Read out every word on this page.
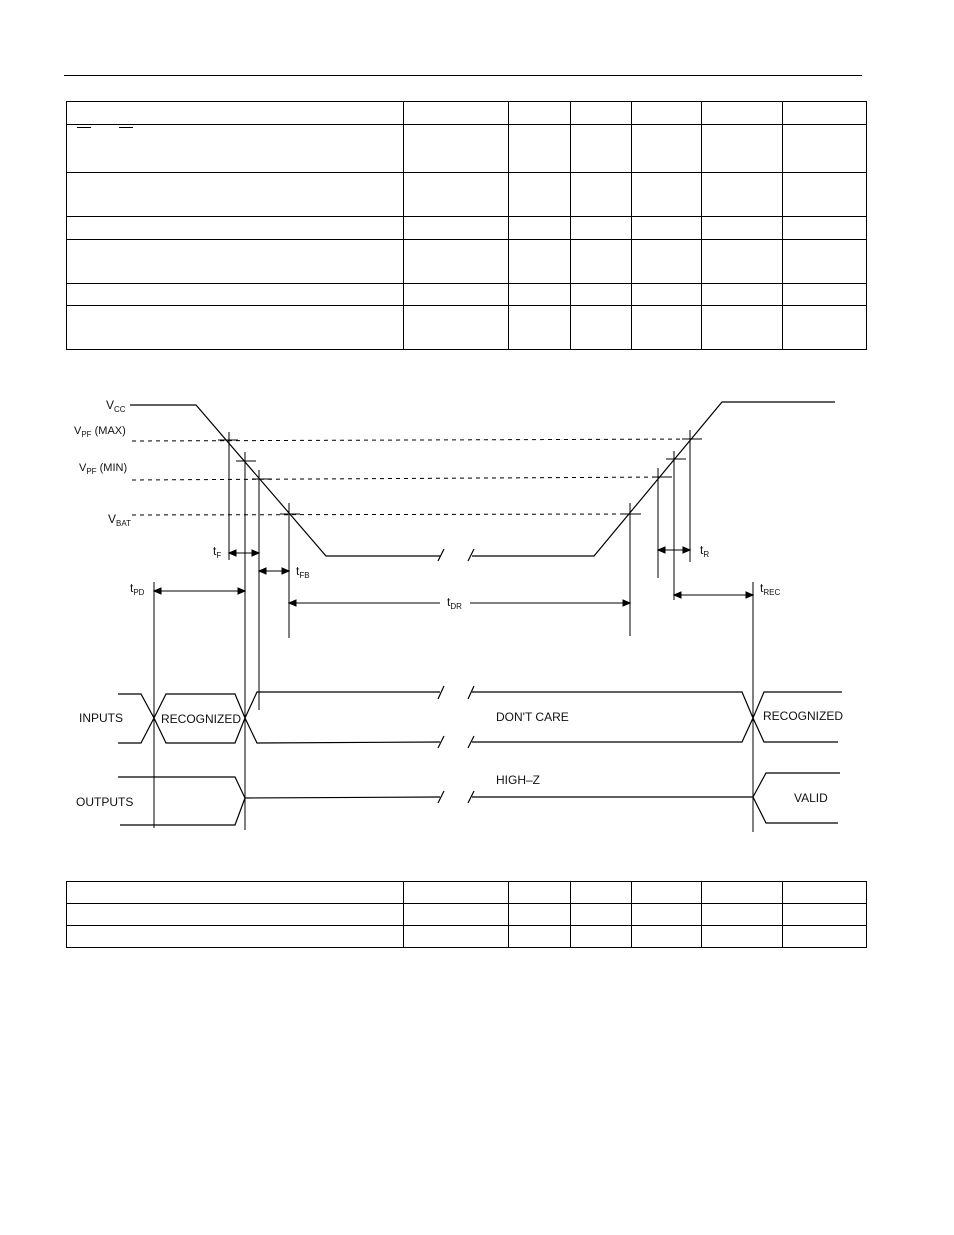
$V_{CC}$
$V_{PF}$ (MAX)
$V_{PF}$ (MIN)
$V_{BAT}$
INPUTS
OUTPUTS
$t_F$
$t_{FB}$
$t_{PD}$
$t_{DR}$
$t_R$
$t_{REC}$
RECOGNIZED	DON'T CARE	RECOGNIZED
HIGH–Z
VALID
